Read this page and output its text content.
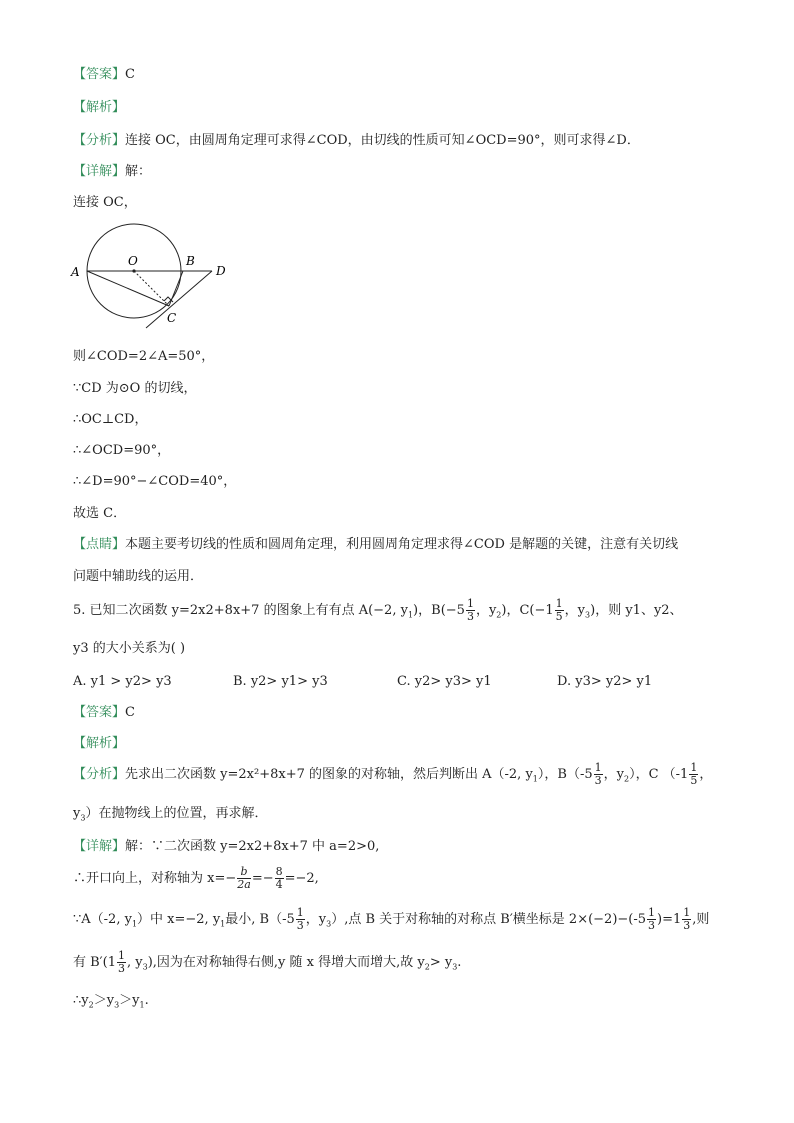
【答案】C
【解析】
【分析】连接 OC，由圆周角定理可求得∠COD，由切线的性质可知∠OCD=90°，则可求得∠D．
【详解】解：
连接 OC，
A
O	B
D
C
则∠COD=2∠A=50°，
∵CD 为⊙O 的切线，
∴OC⊥CD，
∴∠OCD=90°，
∴∠D=90°−∠COD=40°，
故选 C．
【点睛】本题主要考切线的性质和圆周角定理，利用圆周角定理求得∠COD 是解题的关键，注意有关切线
问题中辅助线的运用．
5. 已知二次函数 y=2x2+8x+7 的图象上有有点 A(−2, $y_1$)，$B(-5 \frac{1}{3}$ ，$y_2$)，$C(-1 \frac{1}{5}$ ，$y_3$)，则 y1、y2、
y3 的大小关系为( )
A. y1 > y2> y3	B. y2> y1> y3	C. y2> y3> y1	D. y3> y2> y1
【答案】C
【解析】
【分析】先求出二次函数 y=2x²+8x+7 的图象的对称轴，然后判断出 A（-2, $y_1$），$B(-5 \frac{1}{3}$ ，$y_2$），C （$-1 \frac{1}{5}$ ，
$y_3$）在抛物线上的位置，再求解．
【详解】解：∵二次函数 y=2x2+8x+7 中 a=2>0,
∴开口向上，对称轴为 $x=- \frac{b}{2a} =- \frac{8}{4} =-2$,
∵A（-2, $y_1$）中 x=−2, $y_1$最小, $B(-5 \frac{1}{3}$ ，$y_3$）,点 B 关于对称轴的对称点 B′横坐标是 $2\times(-2)-(-5 \frac{1}{3} )=1 \frac{1}{3}$ ,则
有 $B'(1 \frac{1}{3}$ , $y_3$),因为在对称轴得右侧,y 随 x 得增大而增大,故 $y_2> y_3$.
$\therefore y_2>y_3>y_1$.
